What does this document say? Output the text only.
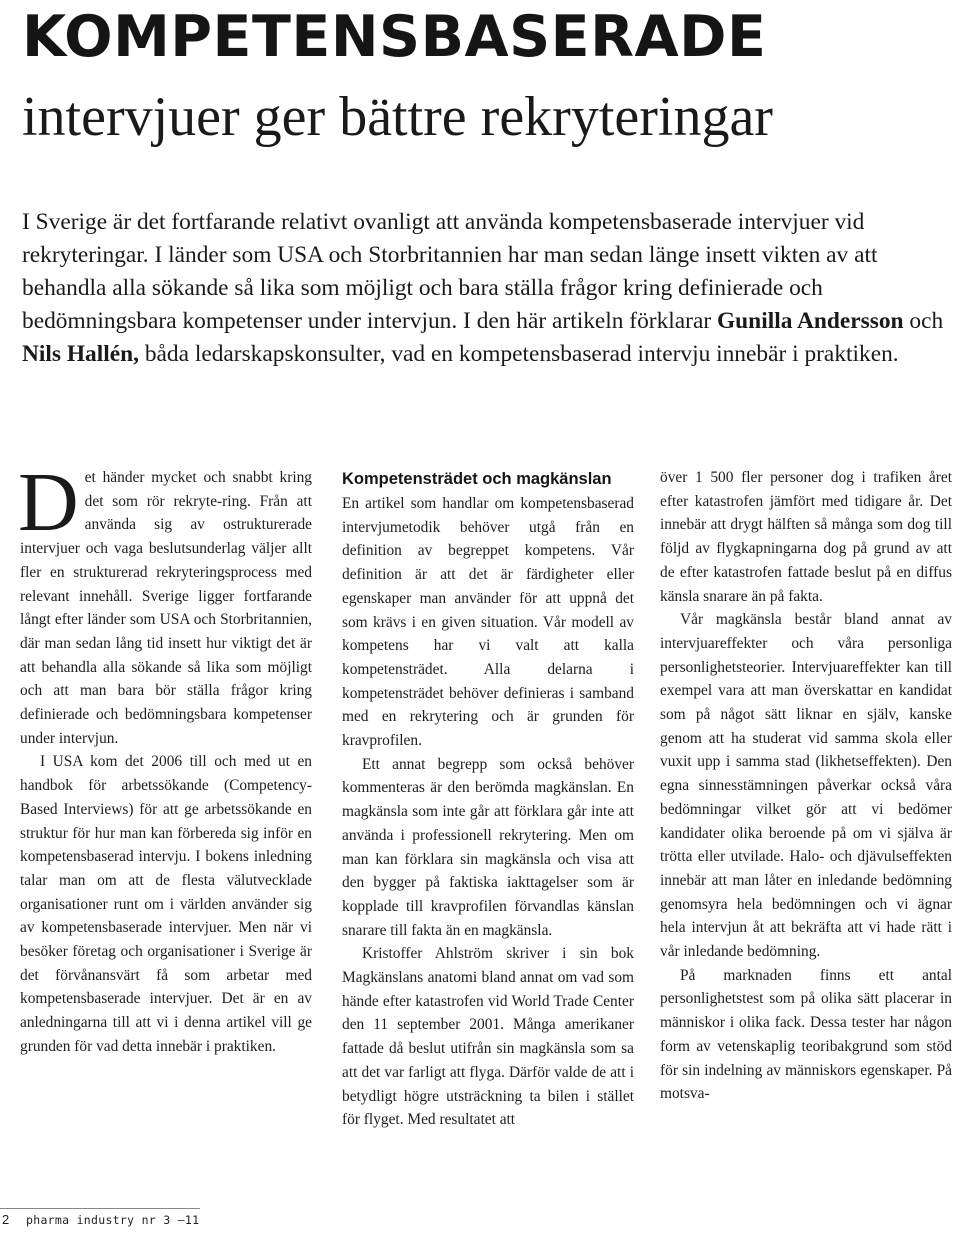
KOMPETENSBASERADE
intervjuer ger bättre rekryteringar

I Sverige är det fortfarande relativt ovanligt att använda kompetensbaserade intervjuer vid rekryteringar. I länder som USA och Storbritannien har man sedan länge insett vikten av att behandla alla sökande så lika som möjligt och bara ställa frågor kring definierade och bedömningsbara kompetenser under intervjun. I den här artikeln förklarar Gunilla Andersson och Nils Hallén, båda ledarskapskonsulter, vad en kompetensbaserad intervju innebär i praktiken.

D et händer mycket och snabbt kring det som rör rekryte-ring. Från att använda sig av ostrukturerade intervjuer och vaga beslutsunderlag väljer allt fler en strukturerad rekryteringsprocess med relevant innehåll. Sverige ligger fortfarande långt efter länder som USA och Storbritannien, där man sedan lång tid insett hur viktigt det är att behandla alla sökande så lika som möjligt och att man bara bör ställa frågor kring definierade och bedömningsbara kompetenser under intervjun.

I USA kom det 2006 till och med ut en handbok för arbetssökande (Competency-Based Interviews) för att ge arbetssökande en struktur för hur man kan förbereda sig inför en kompetensbaserad intervju. I bokens inledning talar man om att de flesta välutvecklade organisationer runt om i världen använder sig av kompetensbaserade intervjuer. Men när vi besöker företag och organisationer i Sverige är det förvånansvärt få som arbetar med kompetensbaserade intervjuer. Det är en av anledningarna till att vi i denna artikel vill ge grunden för vad detta innebär i praktiken.

Kompetensträdet och magkänslan

En artikel som handlar om kompetensbaserad intervjumetodik behöver utgå från en definition av begreppet kompetens. Vår definition är att det är färdigheter eller egenskaper man använder för att uppnå det som krävs i en given situation. Vår modell av kompetens har vi valt att kalla kompetensträdet. Alla delarna i kompetensträdet behöver definieras i samband med en rekrytering och är grunden för kravprofilen.

Ett annat begrepp som också behöver kommenteras är den berömda magkänslan. En magkänsla som inte går att förklara går inte att använda i professionell rekrytering. Men om man kan förklara sin magkänsla och visa att den bygger på faktiska iakttagelser som är kopplade till kravprofilen förvandlas känslan snarare till fakta än en magkänsla.

Kristoffer Ahlström skriver i sin bok Magkänslans anatomi bland annat om vad som hände efter katastrofen vid World Trade Center den 11 september 2001. Många amerikaner fattade då beslut utifrån sin magkänsla som sa att det var farligt att flyga. Därför valde de att i betydligt högre utsträckning ta bilen i stället för flyget. Med resultatet att

över 1 500 fler personer dog i trafiken året efter katastrofen jämfört med tidigare år. Det innebär att drygt hälften så många som dog till följd av flygkapningarna dog på grund av att de efter katastrofen fattade beslut på en diffus känsla snarare än på fakta.

Vår magkänsla består bland annat av intervjuareffekter och våra personliga personlighetsteorier. Intervjuareffekter kan till exempel vara att man överskattar en kandidat som på något sätt liknar en själv, kanske genom att ha studerat vid samma skola eller vuxit upp i samma stad (likhetseffekten). Den egna sinnesstämningen påverkar också våra bedömningar vilket gör att vi bedömer kandidater olika beroende på om vi själva är trötta eller utvilade. Halo- och djävulseffekten innebär att man låter en inledande bedömning genomsyra hela bedömningen och vi ägnar hela intervjun åt att bekräfta att vi hade rätt i vår inledande bedömning.

På marknaden finns ett antal personlighetstest som på olika sätt placerar in människor i olika fack. Dessa tester har någon form av vetenskaplig teoribakgrund som stöd för sin indelning av människors egenskaper. På motsva-

2 pharma industry nr 3 –11
